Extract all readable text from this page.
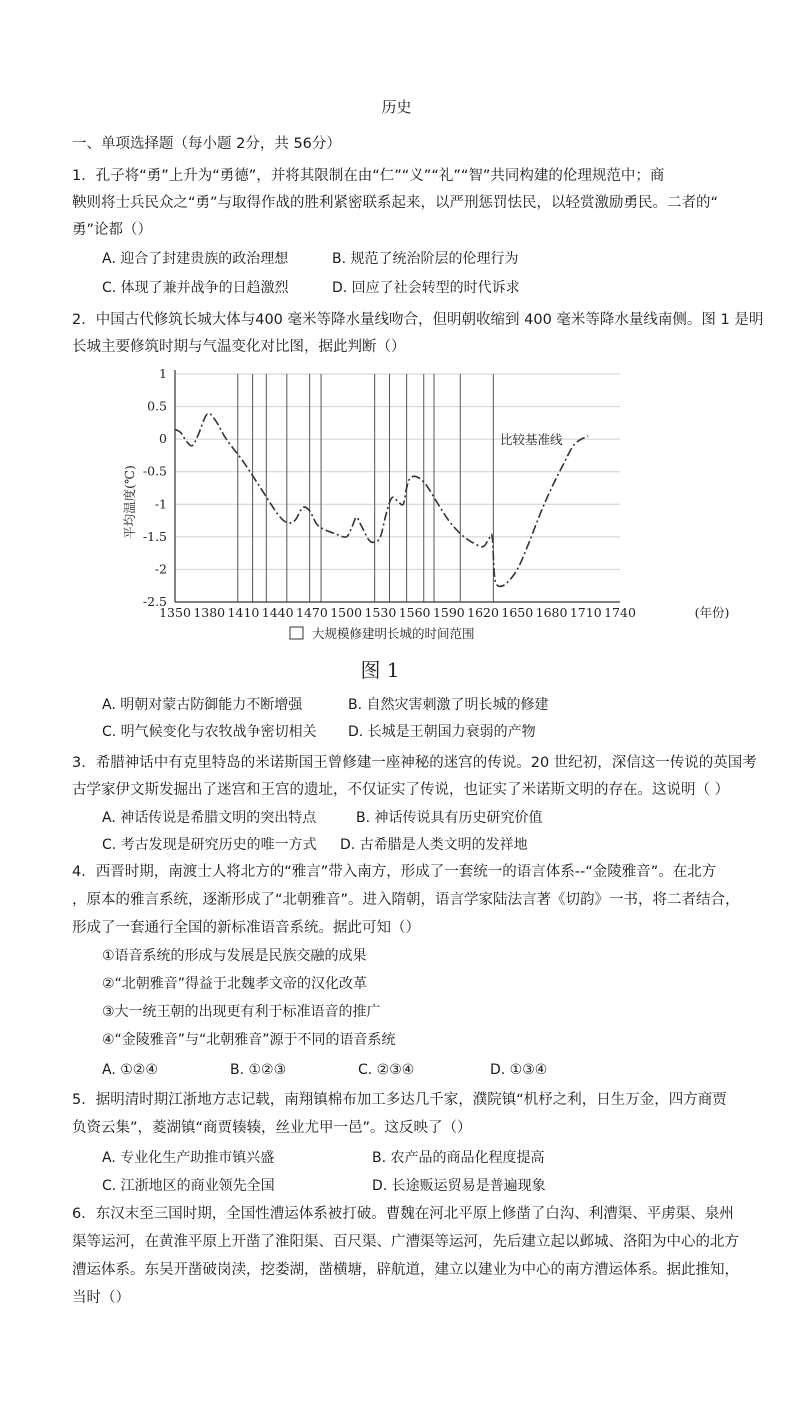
历史
一、单项选择题（每小题 2分，共 56分）
1．孔子将“勇”上升为“勇德”，并将其限制在由“仁”“义”“礼”“智”共同构建的伦理规范中；商
鞅则将士兵民众之“勇”与取得作战的胜利紧密联系起来，以严刑惩罚怯民，以轻赏激励勇民。二者的“
勇”论都（）
A. 迎合了封建贵族的政治理想	B. 规范了统治阶层的伦理行为
C. 体现了兼并战争的日趋激烈	D. 回应了社会转型的时代诉求
2．中国古代修筑长城大体与400 毫米等降水量线吻合，但明朝收缩到 400 毫米等降水量线南侧。图 1 是明
长城主要修筑时期与气温变化对比图，据此判断（）
1
0.5
0
-0.5
-1
-1.5
-2
-2.5
1350 1380 1410 1440 1470 1500 1530 1560 1590 1620 1650 1680 1710 1740
平均温度(℃)
(年份)
比较基准线
大规模修建明长城的时间范围
图 1
A. 明朝对蒙古防御能力不断增强	B. 自然灾害刺激了明长城的修建
C. 明气候变化与农牧战争密切相关 D. 长城是王朝国力衰弱的产物
3．希腊神话中有克里特岛的米诺斯国王曾修建一座神秘的迷宫的传说。20 世纪初，深信这一传说的英国考
古学家伊文斯发掘出了迷宫和王宫的遗址，不仅证实了传说，也证实了米诺斯文明的存在。这说明（ ）
A. 神话传说是希腊文明的突出特点	B. 神话传说具有历史研究价值
C. 考古发现是研究历史的唯一方式 D. 古希腊是人类文明的发祥地
4．西晋时期，南渡士人将北方的“雅言”带入南方，形成了一套统一的语言体系--“金陵雅音”。在北方
，原本的雅言系统，逐渐形成了“北朝雅音”。进入隋朝，语言学家陆法言著《切韵》一书，将二者结合，
形成了一套通行全国的新标准语音系统。据此可知（）
①语音系统的形成与发展是民族交融的成果
②“北朝雅音”得益于北魏孝文帝的汉化改革
③大一统王朝的出现更有利于标准语音的推广
④“金陵雅音”与“北朝雅音”源于不同的语音系统
A. ①②④	B. ①②③	C. ②③④	D. ①③④
5．据明清时期江浙地方志记载，南翔镇棉布加工多达几千家，濮院镇“机杼之利，日生万金，四方商贾
负资云集”，菱湖镇“商贾辏辏，丝业尤甲一邑”。这反映了（）
A. 专业化生产助推市镇兴盛	B. 农产品的商品化程度提高
C. 江浙地区的商业领先全国	D. 长途贩运贸易是普遍现象
6．东汉末至三国时期，全国性漕运体系被打破。曹魏在河北平原上修凿了白沟、利漕渠、平虏渠、泉州
渠等运河，在黄淮平原上开凿了淮阳渠、百尺渠、广漕渠等运河，先后建立起以邺城、洛阳为中心的北方
漕运体系。东吴开凿破岗渎，挖娄湖，凿横塘，辟航道，建立以建业为中心的南方漕运体系。据此推知，
当时（）
